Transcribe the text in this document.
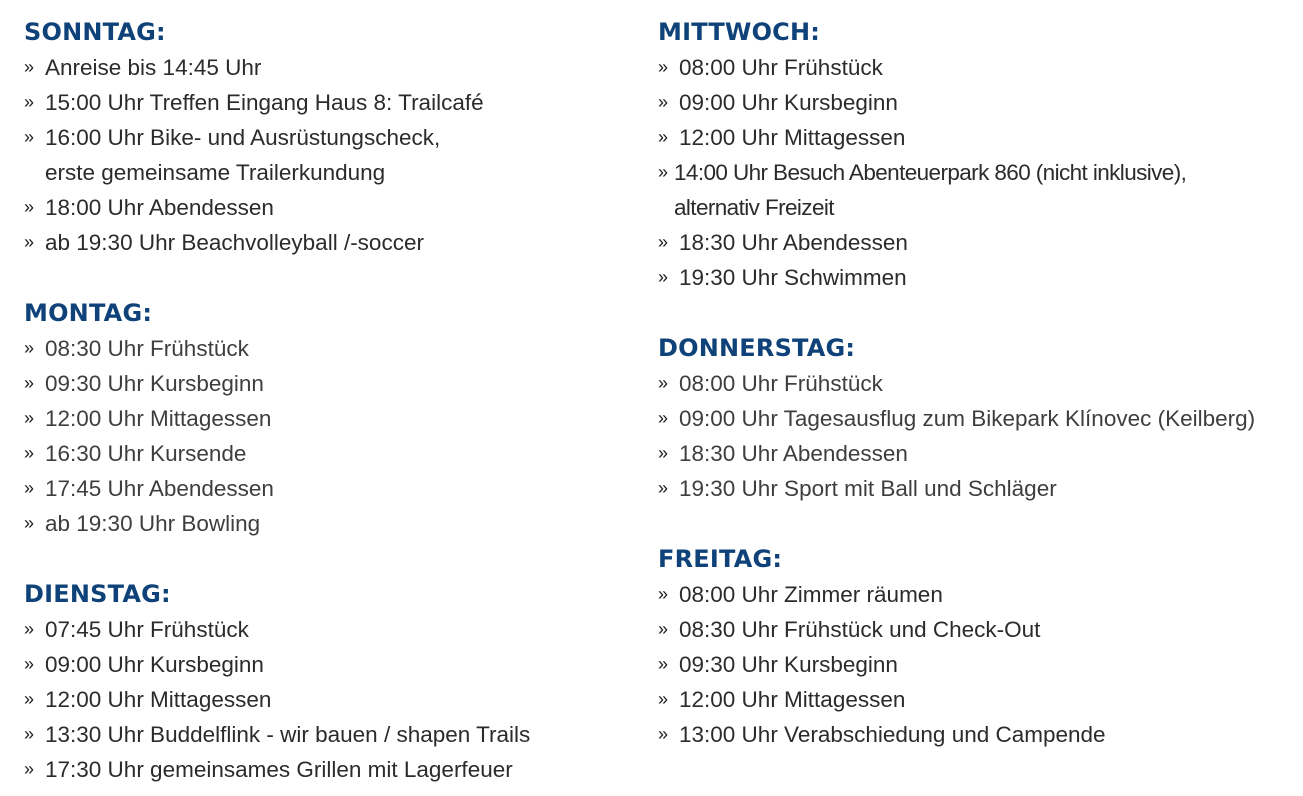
SONNTAG:
» Anreise bis 14:45 Uhr
» 15:00 Uhr Treffen Eingang Haus 8: Trailcafé
» 16:00 Uhr Bike- und Ausrüstungscheck,
erste gemeinsame Trailerkundung
» 18:00 Uhr Abendessen
» ab 19:30 Uhr Beachvolleyball /-soccer
MONTAG:
» 08:30 Uhr Frühstück
» 09:30 Uhr Kursbeginn
» 12:00 Uhr Mittagessen
» 16:30 Uhr Kursende
» 17:45 Uhr Abendessen
» ab 19:30 Uhr Bowling
DIENSTAG:
» 07:45 Uhr Frühstück
» 09:00 Uhr Kursbeginn
» 12:00 Uhr Mittagessen
» 13:30 Uhr Buddelflink - wir bauen / shapen Trails
» 17:30 Uhr gemeinsames Grillen mit Lagerfeuer
MITTWOCH:
» 08:00 Uhr Frühstück
» 09:00 Uhr Kursbeginn
» 12:00 Uhr Mittagessen
» 14:00 Uhr Besuch Abenteuerpark 860 (nicht inklusive),
alternativ Freizeit
» 18:30 Uhr Abendessen
» 19:30 Uhr Schwimmen
DONNERSTAG:
» 08:00 Uhr Frühstück
» 09:00 Uhr Tagesausflug zum Bikepark Klínovec (Keilberg)
» 18:30 Uhr Abendessen
» 19:30 Uhr Sport mit Ball und Schläger
FREITAG:
» 08:00 Uhr Zimmer räumen
» 08:30 Uhr Frühstück und Check-Out
» 09:30 Uhr Kursbeginn
» 12:00 Uhr Mittagessen
» 13:00 Uhr Verabschiedung und Campende
